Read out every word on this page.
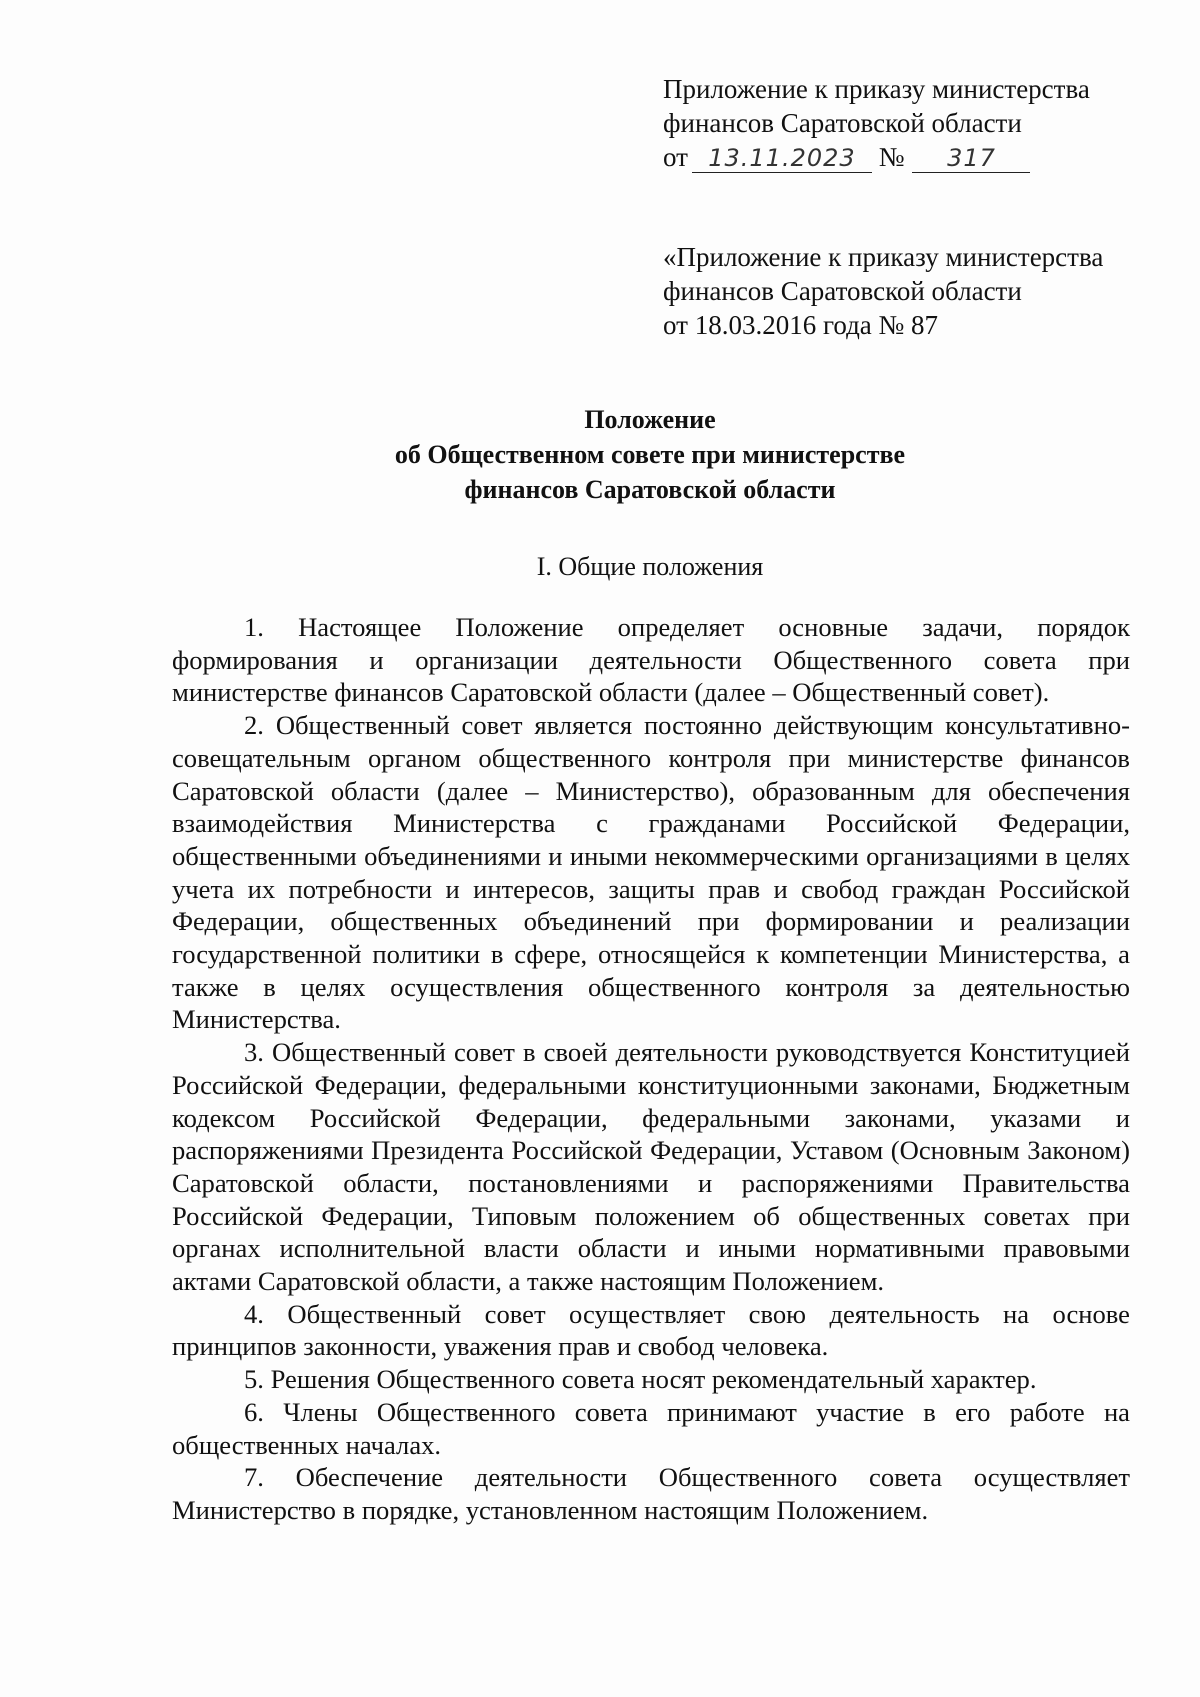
Приложение к приказу министерства
финансов Саратовской области
от 13.11.2023 № 317
«Приложение к приказу министерства
финансов Саратовской области
от 18.03.2016 года № 87
Положение
об Общественном совете при министерстве
финансов Саратовской области
I. Общие положения

1. Настоящее Положение определяет основные задачи, порядок формирования и организации деятельности Общественного совета при министерстве финансов Саратовской области (далее – Общественный совет).

2. Общественный совет является постоянно действующим консультативно-совещательным органом общественного контроля при министерстве финансов Саратовской области (далее – Министерство), образованным для обеспечения взаимодействия Министерства с гражданами Российской Федерации, общественными объединениями и иными некоммерческими организациями в целях учета их потребности и интересов, защиты прав и свобод граждан Российской Федерации, общественных объединений при формировании и реализации государственной политики в сфере, относящейся к компетенции Министерства, а также в целях осуществления общественного контроля за деятельностью Министерства.

3. Общественный совет в своей деятельности руководствуется Конституцией Российской Федерации, федеральными конституционными законами, Бюджетным кодексом Российской Федерации, федеральными законами, указами и распоряжениями Президента Российской Федерации, Уставом (Основным Законом) Саратовской области, постановлениями и распоряжениями Правительства Российской Федерации, Типовым положением об общественных советах при органах исполнительной власти области и иными нормативными правовыми актами Саратовской области, а также настоящим Положением.

4. Общественный совет осуществляет свою деятельность на основе принципов законности, уважения прав и свобод человека.

5. Решения Общественного совета носят рекомендательный характер.

6. Члены Общественного совета принимают участие в его работе на общественных началах.

7. Обеспечение деятельности Общественного совета осуществляет Министерство в порядке, установленном настоящим Положением.
